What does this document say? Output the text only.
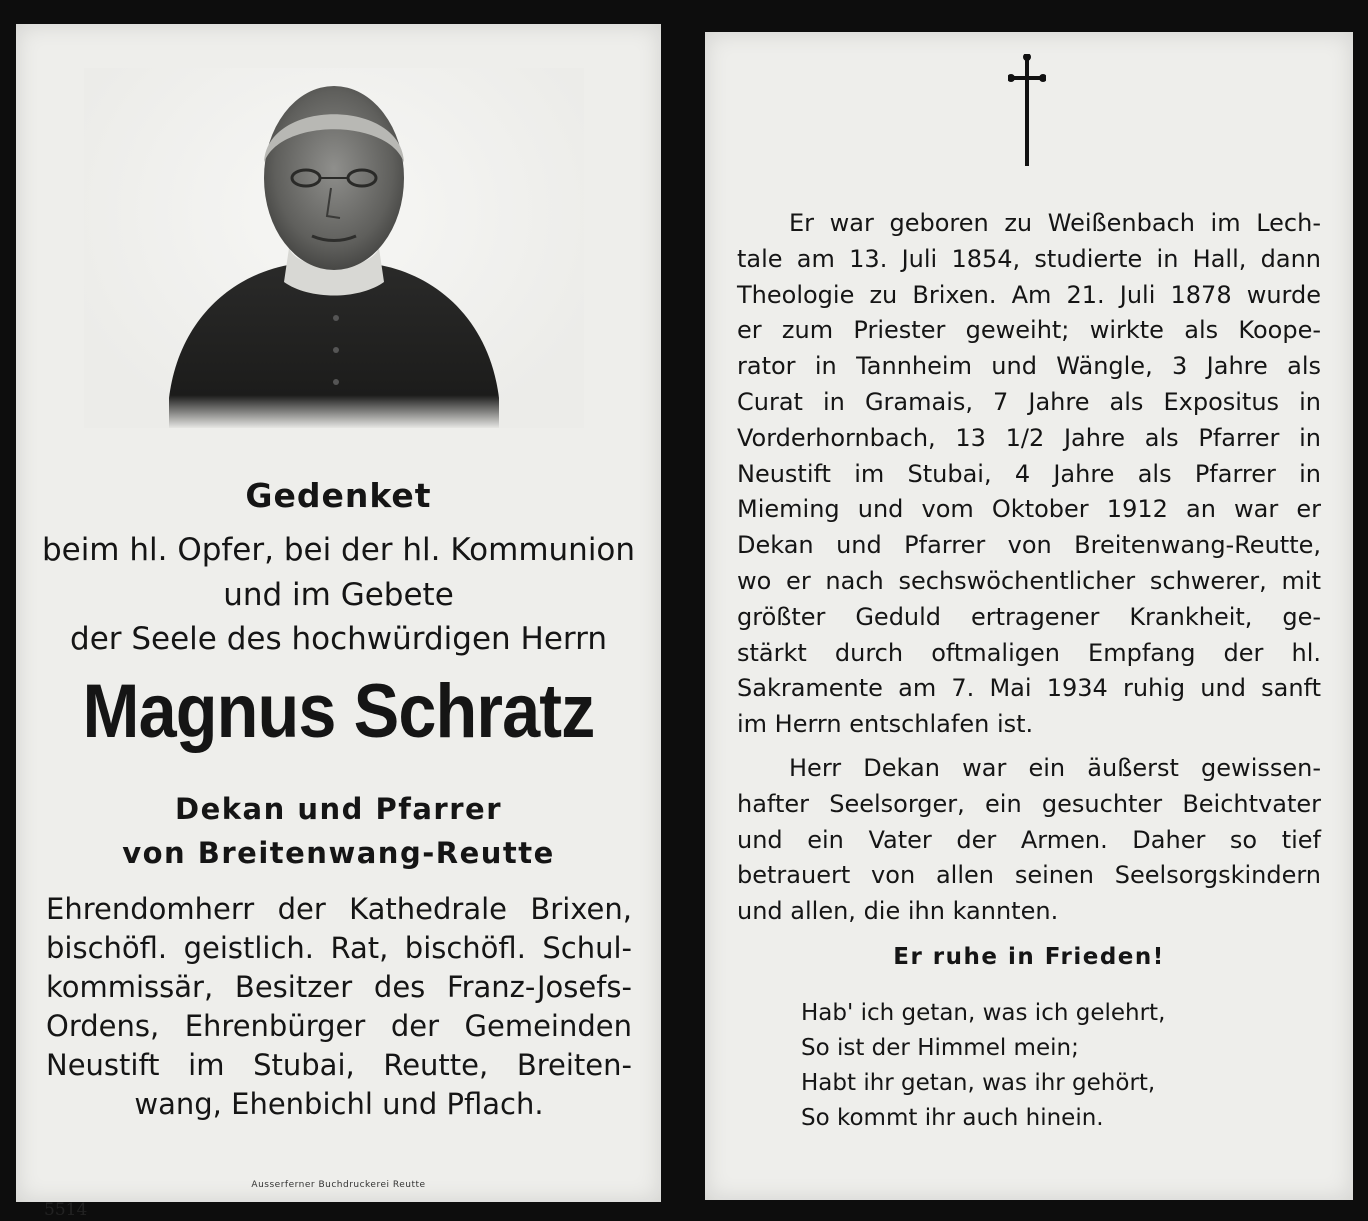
Gedenket
beim hl. Opfer, bei der hl. Kommunion
und im Gebete
der Seele des hochwürdigen Herrn
Magnus Schratz
Dekan und Pfarrer
von Breitenwang-Reutte
Ehrendomherr der Kathedrale Brixen,
bischöfl. geistlich. Rat, bischöfl. Schul-
kommissär, Besitzer des Franz-Josefs-
Ordens, Ehrenbürger der Gemeinden
Neustift im Stubai, Reutte, Breiten-
wang, Ehenbichl und Pflach.
Ausserferner Buchdruckerei Reutte
5514
Er war geboren zu Weißenbach im Lech-
tale am 13. Juli 1854, studierte in Hall, dann
Theologie zu Brixen. Am 21. Juli 1878 wurde
er zum Priester geweiht; wirkte als Koope-
rator in Tannheim und Wängle, 3 Jahre als
Curat in Gramais, 7 Jahre als Expositus in
Vorderhornbach, 13 1/2 Jahre als Pfarrer in
Neustift im Stubai, 4 Jahre als Pfarrer in
Mieming und vom Oktober 1912 an war er
Dekan und Pfarrer von Breitenwang-Reutte,
wo er nach sechswöchentlicher schwerer, mit
größter Geduld ertragener Krankheit, ge-
stärkt durch oftmaligen Empfang der hl.
Sakramente am 7. Mai 1934 ruhig und sanft
im Herrn entschlafen ist.
Herr Dekan war ein äußerst gewissen-
hafter Seelsorger, ein gesuchter Beichtvater
und ein Vater der Armen. Daher so tief
betrauert von allen seinen Seelsorgskindern
und allen, die ihn kannten.
Er ruhe in Frieden!
Hab' ich getan, was ich gelehrt,
So ist der Himmel mein;
Habt ihr getan, was ihr gehört,
So kommt ihr auch hinein.
